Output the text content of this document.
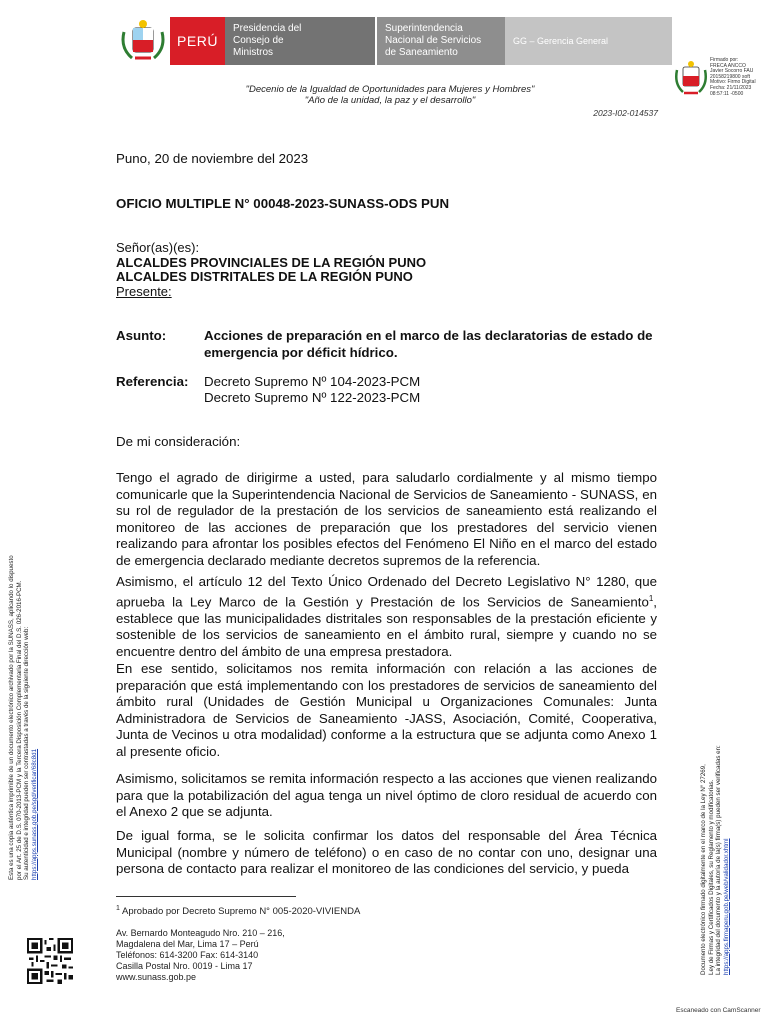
PERÚ
Presidencia del
Consejo de
Ministros
Superintendencia
Nacional de Servicios
de Saneamiento
GG – Gerencia General
Firmado por:
FRECA ANCCO
Javier Socorro FAU
20158219800 soft
Motivo: Firmo Digital
Fecha: 21/11/2023
08:57:11 -0500
"Decenio de la Igualdad de Oportunidades para Mujeres y Hombres"
"Año de la unidad, la paz y el desarrollo"
2023-I02-014537
Puno, 20 de noviembre del 2023
OFICIO MULTIPLE N° 00048-2023-SUNASS-ODS PUN
Señor(as)(es):
ALCALDES PROVINCIALES DE LA REGIÓN PUNO
ALCALDES DISTRITALES DE LA REGIÓN PUNO
Presente:
Asunto:	Acciones de preparación en el marco de las declaratorias de estado de emergencia por déficit hídrico.
Referencia: Decreto Supremo Nº 104-2023-PCM
Decreto Supremo Nº 122-2023-PCM
De mi consideración:
Tengo el agrado de dirigirme a usted, para saludarlo cordialmente y al mismo tiempo comunicarle que la Superintendencia Nacional de Servicios de Saneamiento - SUNASS, en su rol de regulador de la prestación de los servicios de saneamiento está realizando el monitoreo de las acciones de preparación que los prestadores del servicio vienen realizando para afrontar los posibles efectos del Fenómeno El Niño en el marco del estado de emergencia declarado mediante decretos supremos de la referencia.
Asimismo, el artículo 12 del Texto Único Ordenado del Decreto Legislativo N° 1280, que aprueba la Ley Marco de la Gestión y Prestación de los Servicios de Saneamiento$^1$, establece que las municipalidades distritales son responsables de la prestación eficiente y sostenible de los servicios de saneamiento en el ámbito rural, siempre y cuando no se encuentre dentro del ámbito de una empresa prestadora.
En ese sentido, solicitamos nos remita información con relación a las acciones de preparación que está implementando con los prestadores de servicios de saneamiento del ámbito rural (Unidades de Gestión Municipal u Organizaciones Comunales: Junta Administradora de Servicios de Saneamiento -JASS, Asociación, Comité, Cooperativa, Junta de Vecinos u otra modalidad) conforme a la estructura que se adjunta como Anexo 1 al presente oficio.
Asimismo, solicitamos se remita información respecto a las acciones que vienen realizando para que la potabilización del agua tenga un nivel óptimo de cloro residual de acuerdo con el Anexo 2 que se adjunta.
De igual forma, se le solicita confirmar los datos del responsable del Área Técnica Municipal (nombre y número de teléfono) o en caso de no contar con uno, designar una persona de contacto para realizar el monitoreo de las condiciones del servicio, y pueda
$^1$ Aprobado por Decreto Supremo N° 005-2020-VIVIENDA
Av. Bernardo Monteagudo Nro. 210 – 216,
Magdalena del Mar, Lima 17 – Perú
Teléfonos: 614-3200 Fax: 614-3140
Casilla Postal Nro. 0019 - Lima 17
www.sunass.gob.pe
Esta es una copia auténtica imprimible de un documento electrónico archivado por la SUNASS, aplicando lo dispuesto por el Art. 25 de D.S. 070-2013-PCM y la Tercera Disposición Complementaria Final del D.S. 026-2016-PCM. Su autenticidad e integridad pueden ser contrastadas a través de la siguiente dirección web: https://apps.sunass.gob.pe/sgd/verificar/68c8d1	Documento electrónico firmado digitalmente en el marco de la Ley N° 27269, Ley de Firmas y Certificados Digitales, su Reglamento y modificatorias. La integridad del documento y la autoría de la(s) firma(s) pueden ser verificadas en: https://apps.firmaperu.gob.pe/web/validador.xhtml
Escaneado con CamScanner
